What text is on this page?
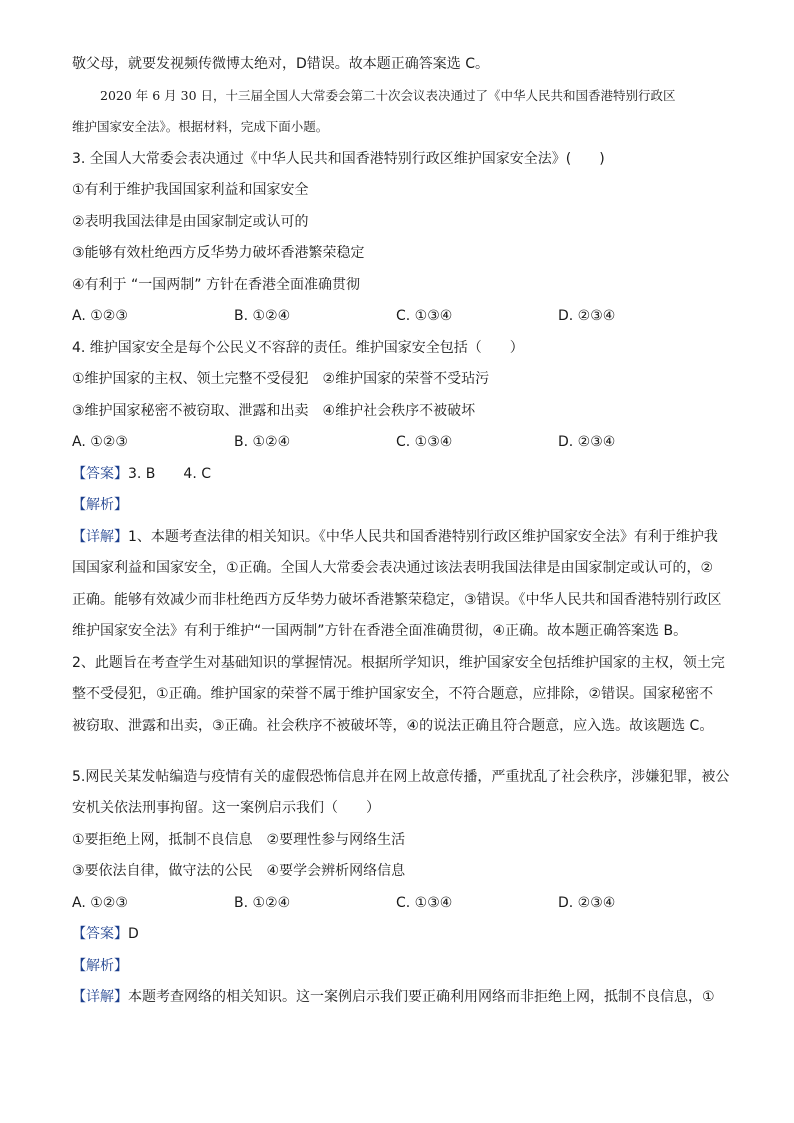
敬父母，就要发视频传微博太绝对，D错误。故本题正确答案选 C。
2020 年 6 月 30 日，十三届全国人大常委会第二十次会议表决通过了《中华人民共和国香港特别行政区
维护国家安全法》。根据材料，完成下面小题。
3. 全国人大常委会表决通过《中华人民共和国香港特别行政区维护国家安全法》(　　)
①有利于维护我国国家利益和国家安全
②表明我国法律是由国家制定或认可的
③能够有效杜绝西方反华势力破坏香港繁荣稳定
④有利于 “一国两制” 方针在香港全面准确贯彻
A. ①②③	B. ①②④	C. ①③④	D. ②③④
4. 维护国家安全是每个公民义不容辞的责任。维护国家安全包括（　　）
①维护国家的主权、领土完整不受侵犯　②维护国家的荣誉不受玷污
③维护国家秘密不被窃取、泄露和出卖　④维护社会秩序不被破坏
A. ①②③	B. ①②④	C. ①③④	D. ②③④
【答案】3. B　　4. C
【解析】
【详解】1、本题考查法律的相关知识。《中华人民共和国香港特别行政区维护国家安全法》有利于维护我
国国家利益和国家安全，①正确。全国人大常委会表决通过该法表明我国法律是由国家制定或认可的，②
正确。能够有效减少而非杜绝西方反华势力破坏香港繁荣稳定，③错误。《中华人民共和国香港特别行政区
维护国家安全法》有利于维护“一国两制”方针在香港全面准确贯彻，④正确。故本题正确答案选 B。
2、此题旨在考查学生对基础知识的掌握情况。根据所学知识，维护国家安全包括维护国家的主权，领土完
整不受侵犯，①正确。维护国家的荣誉不属于维护国家安全，不符合题意，应排除，②错误。国家秘密不
被窃取、泄露和出卖，③正确。社会秩序不被破坏等，④的说法正确且符合题意，应入选。故该题选 C。
5.网民关某发帖编造与疫情有关的虚假恐怖信息并在网上故意传播，严重扰乱了社会秩序，涉嫌犯罪，被公
安机关依法刑事拘留。这一案例启示我们（　　）
①要拒绝上网，抵制不良信息　②要理性参与网络生活
③要依法自律，做守法的公民　④要学会辨析网络信息
A. ①②③	B. ①②④	C. ①③④	D. ②③④
【答案】D
【解析】
【详解】本题考查网络的相关知识。这一案例启示我们要正确利用网络而非拒绝上网，抵制不良信息，①
